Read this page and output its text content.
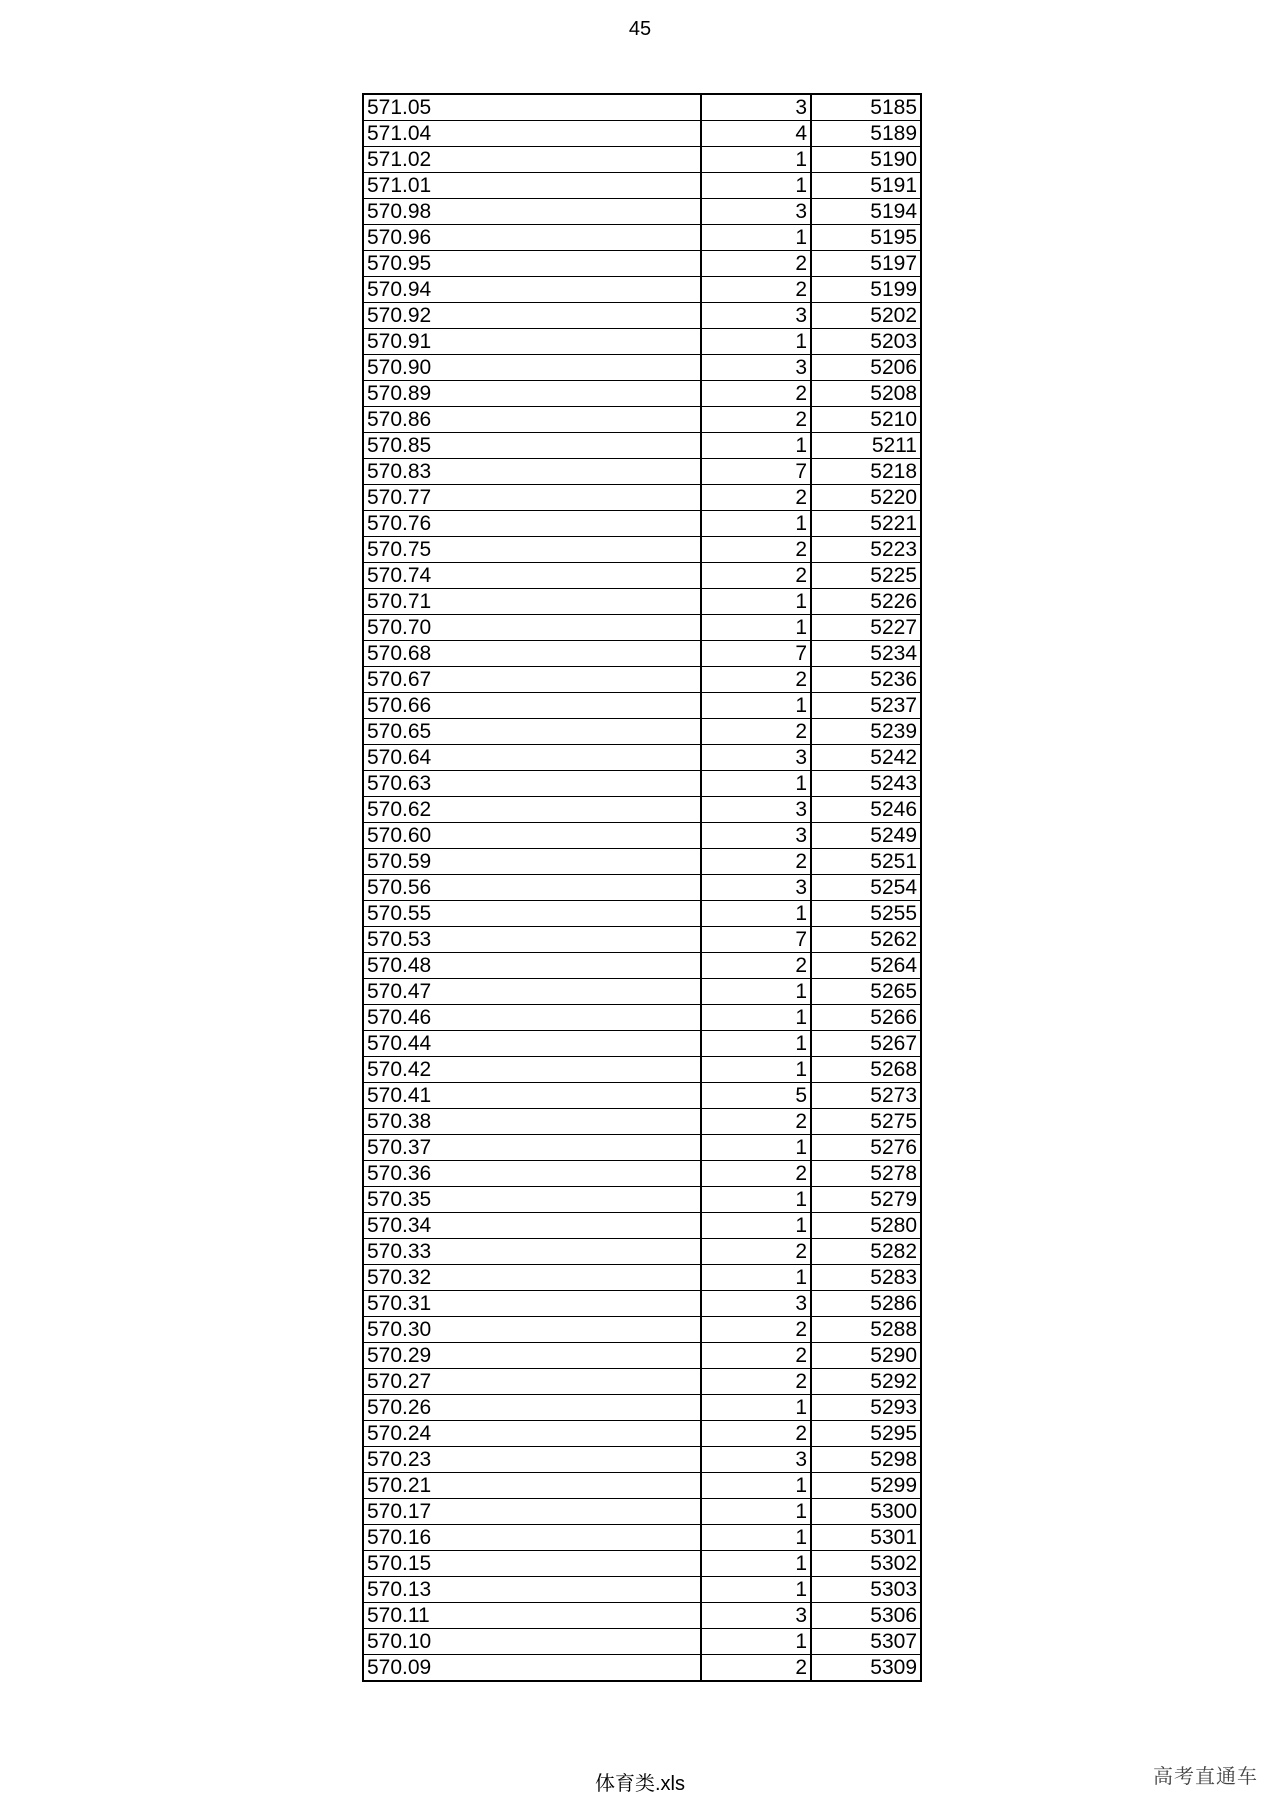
45
571.05	3	5185
571.04	4	5189
571.02	1	5190
571.01	1	5191
570.98	3	5194
570.96	1	5195
570.95	2	5197
570.94	2	5199
570.92	3	5202
570.91	1	5203
570.90	3	5206
570.89	2	5208
570.86	2	5210
570.85	1	5211
570.83	7	5218
570.77	2	5220
570.76	1	5221
570.75	2	5223
570.74	2	5225
570.71	1	5226
570.70	1	5227
570.68	7	5234
570.67	2	5236
570.66	1	5237
570.65	2	5239
570.64	3	5242
570.63	1	5243
570.62	3	5246
570.60	3	5249
570.59	2	5251
570.56	3	5254
570.55	1	5255
570.53	7	5262
570.48	2	5264
570.47	1	5265
570.46	1	5266
570.44	1	5267
570.42	1	5268
570.41	5	5273
570.38	2	5275
570.37	1	5276
570.36	2	5278
570.35	1	5279
570.34	1	5280
570.33	2	5282
570.32	1	5283
570.31	3	5286
570.30	2	5288
570.29	2	5290
570.27	2	5292
570.26	1	5293
570.24	2	5295
570.23	3	5298
570.21	1	5299
570.17	1	5300
570.16	1	5301
570.15	1	5302
570.13	1	5303
570.11	3	5306
570.10	1	5307
570.09	2	5309
体育类.xls	高考直通车
